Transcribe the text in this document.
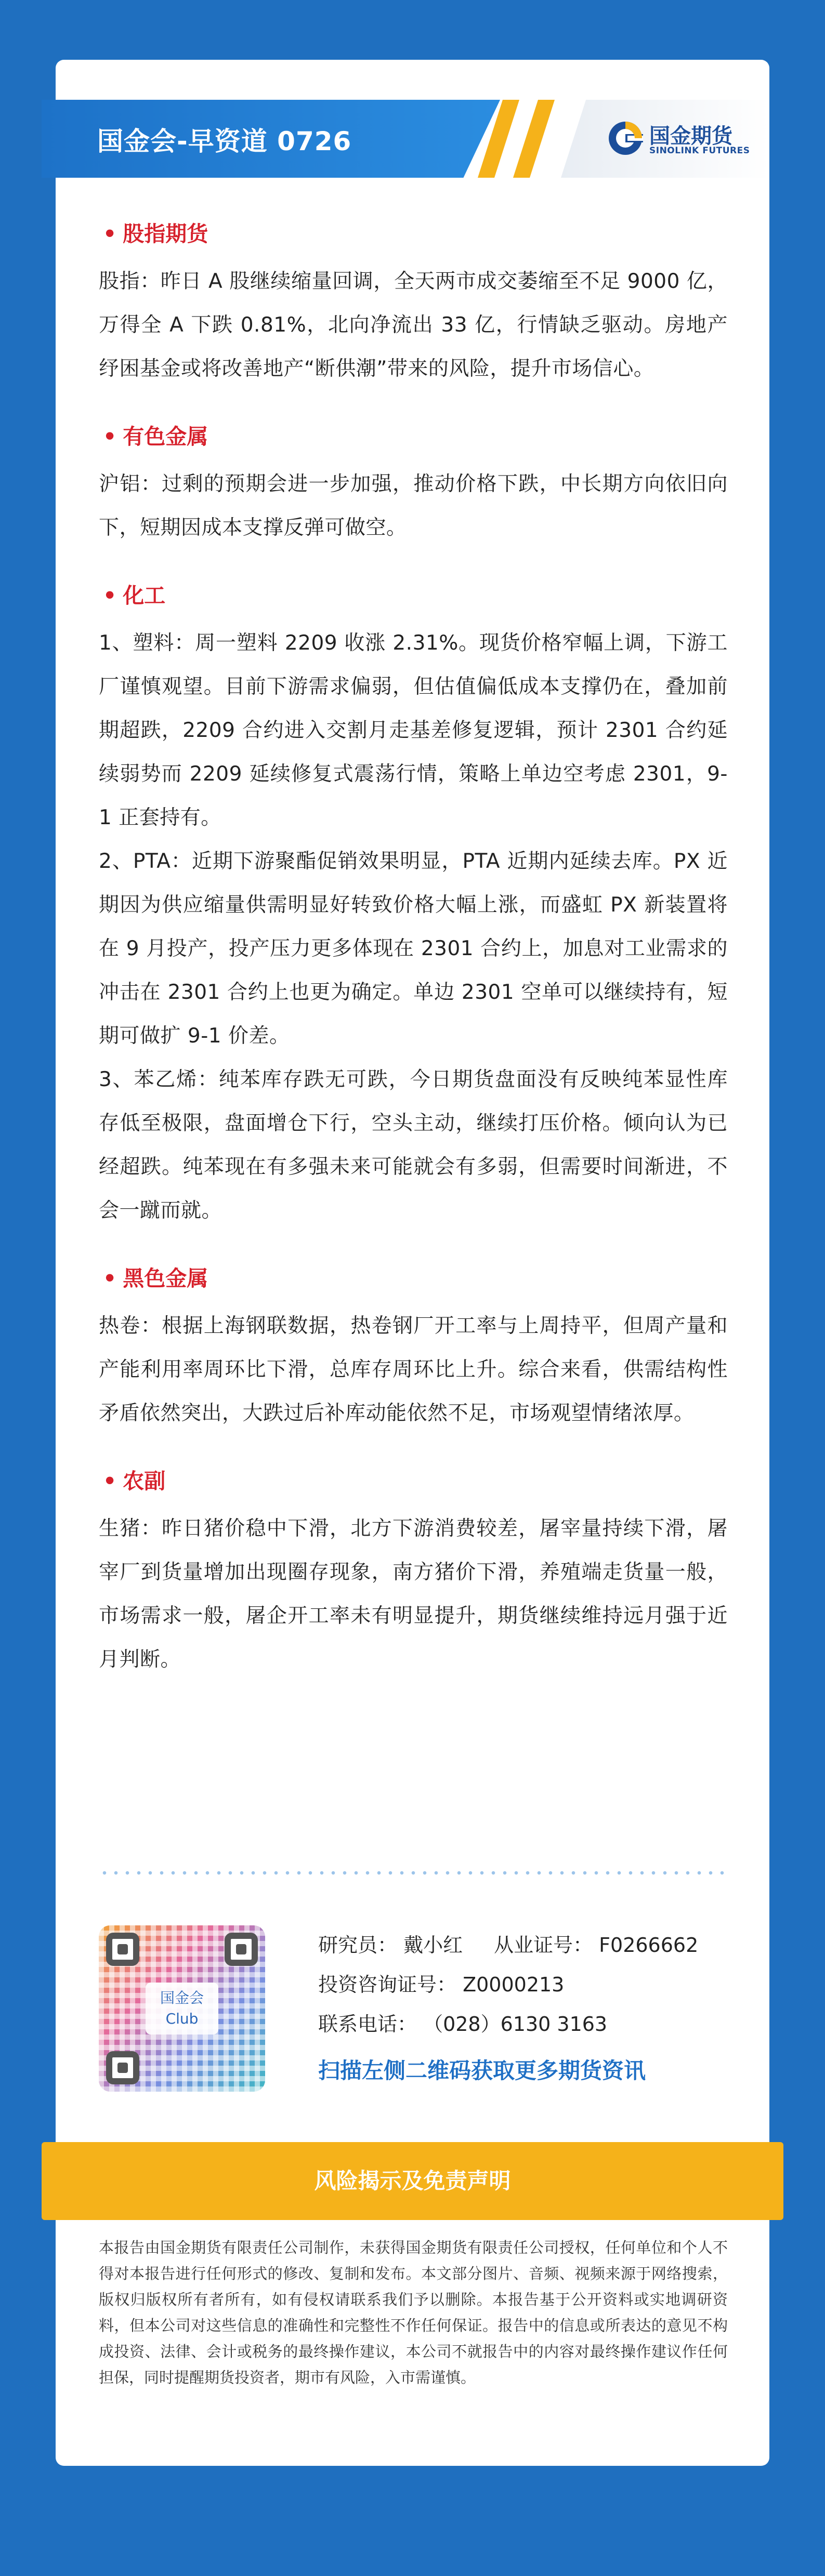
国金会-早资道 0726	国金期货
SINOLINK FUTURES
• 股指期货

股指：昨日 A 股继续缩量回调，全天两市成交萎缩至不足 9000 亿，万得全 A 下跌 0.81%，北向净流出 33 亿，行情缺乏驱动。房地产纾困基金或将改善地产“断供潮”带来的风险，提升市场信心。

• 有色金属

沪铝：过剩的预期会进一步加强，推动价格下跌，中长期方向依旧向下，短期因成本支撑反弹可做空。

• 化工

1、塑料：周一塑料 2209 收涨 2.31%。现货价格窄幅上调，下游工厂谨慎观望。目前下游需求偏弱，但估值偏低成本支撑仍在，叠加前期超跌，2209 合约进入交割月走基差修复逻辑，预计 2301 合约延续弱势而 2209 延续修复式震荡行情，策略上单边空考虑 2301，9-1 正套持有。

2、PTA：近期下游聚酯促销效果明显，PTA 近期内延续去库。PX 近期因为供应缩量供需明显好转致价格大幅上涨，而盛虹 PX 新装置将在 9 月投产，投产压力更多体现在 2301 合约上，加息对工业需求的冲击在 2301 合约上也更为确定。单边 2301 空单可以继续持有，短期可做扩 9-1 价差。

3、苯乙烯：纯苯库存跌无可跌，今日期货盘面没有反映纯苯显性库存低至极限，盘面增仓下行，空头主动，继续打压价格。倾向认为已经超跌。纯苯现在有多强未来可能就会有多弱，但需要时间渐进，不会一蹴而就。

• 黑色金属

热卷：根据上海钢联数据，热卷钢厂开工率与上周持平，但周产量和产能利用率周环比下滑，总库存周环比上升。综合来看，供需结构性矛盾依然突出，大跌过后补库动能依然不足，市场观望情绪浓厚。

• 农副

生猪：昨日猪价稳中下滑，北方下游消费较差，屠宰量持续下滑，屠宰厂到货量增加出现圈存现象，南方猪价下滑，养殖端走货量一般，市场需求一般，屠企开工率未有明显提升，期货继续维持远月强于近月判断。

国金会
Club
研究员： 戴小红 从业证号： F0266662
投资咨询证号： Z0000213
联系电话： （028）6130 3163
扫描左侧二维码获取更多期货资讯
风险揭示及免责声明

本报告由国金期货有限责任公司制作，未获得国金期货有限责任公司授权，任何单位和个人不得对本报告进行任何形式的修改、复制和发布。本文部分图片、音频、视频来源于网络搜索，版权归版权所有者所有，如有侵权请联系我们予以删除。本报告基于公开资料或实地调研资料，但本公司对这些信息的准确性和完整性不作任何保证。报告中的信息或所表达的意见不构成投资、法律、会计或税务的最终操作建议，本公司不就报告中的内容对最终操作建议作任何担保，同时提醒期货投资者，期市有风险，入市需谨慎。
